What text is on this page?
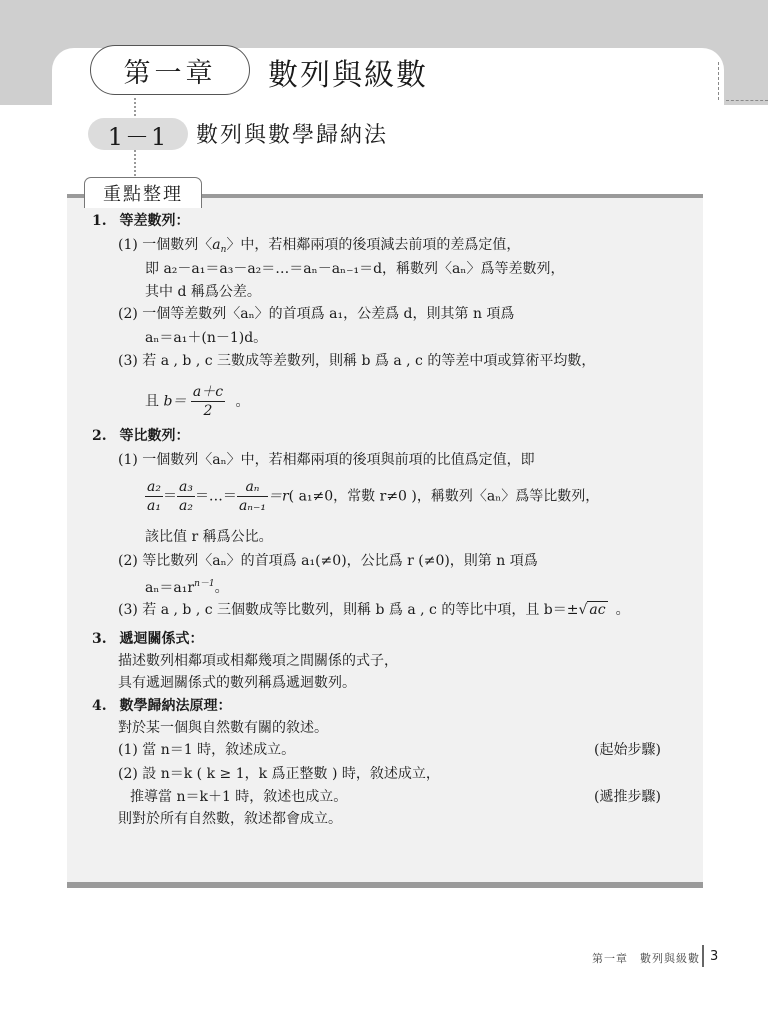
第一章	數列與級數
1－1	數列與數學歸納法
重點整理
1. 等差數列：
(1) 一個數列〈$a_n$〉中，若相鄰兩項的後項減去前項的差爲定值，
即 a₂－a₁＝a₃－a₂＝…＝aₙ－aₙ₋₁＝d，稱數列〈aₙ〉爲等差數列，
其中 d 稱爲公差。
(2) 一個等差數列〈aₙ〉的首項爲 a₁，公差爲 d，則其第 n 項爲
aₙ＝a₁＋(n－1)d。
(3) 若 a , b , c 三數成等差數列，則稱 b 爲 a , c 的等差中項或算術平均數，
且 $b= \frac{a+c}{2}$ 。
2. 等比數列：
(1) 一個數列〈aₙ〉中，若相鄰兩項的後項與前項的比值爲定值，即
$\frac{\text{a₂}}{\text{a₁}} = \frac{\text{a₃}}{\text{a₂}}$ ＝…＝ $\frac{\text{aₙ}}{\text{aₙ₋₁}} =r$( a₁≠0，常數 r≠0 )，稱數列〈aₙ〉爲等比數列，
該比值 r 稱爲公比。
(2) 等比數列〈aₙ〉的首項爲 a₁(≠0)，公比爲 r (≠0)，則第 n 項爲
$a_n=a_1r^{n-1}$。
(3) 若 a , b , c 三個數成等比數列，則稱 b 爲 a , c 的等比中項，且 b＝±√ ac 。
3. 遞迴關係式：
描述數列相鄰項或相鄰幾項之間關係的式子，
具有遞迴關係式的數列稱爲遞迴數列。
4. 數學歸納法原理：
對於某一個與自然數有關的敘述。
(1) 當 n＝1 時，敘述成立。	(起始步驟)
(2) 設 n＝k ( k ≥ 1，k 爲正整數 ) 時，敘述成立，
推導當 n＝k＋1 時，敘述也成立。	(遞推步驟)
則對於所有自然數，敘述都會成立。
第一章　數列與級數 3
